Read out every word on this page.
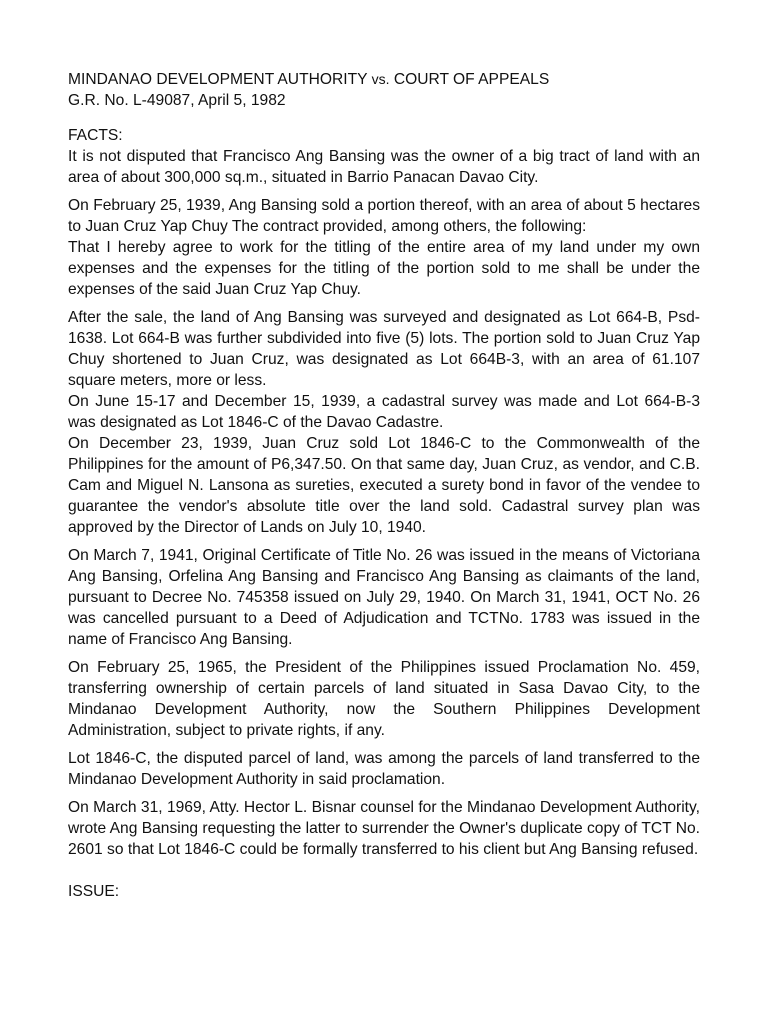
MINDANAO DEVELOPMENT AUTHORITY vs. COURT OF APPEALS
G.R. No. L-49087, April 5, 1982
FACTS:

It is not disputed that Francisco Ang Bansing was the owner of a big tract of land with an area of about 300,000 sq.m., situated in Barrio Panacan Davao City.

On February 25, 1939, Ang Bansing sold a portion thereof, with an area of about 5 hectares to Juan Cruz Yap Chuy The contract provided, among others, the following:

That I hereby agree to work for the titling of the entire area of my land under my own expenses and the expenses for the titling of the portion sold to me shall be under the expenses of the said Juan Cruz Yap Chuy.

After the sale, the land of Ang Bansing was surveyed and designated as Lot 664-B, Psd-1638. Lot 664-B was further subdivided into five (5) lots. The portion sold to Juan Cruz Yap Chuy shortened to Juan Cruz, was designated as Lot 664B-3, with an area of 61.107 square meters, more or less.

On June 15-17 and December 15, 1939, a cadastral survey was made and Lot 664-B-3 was designated as Lot 1846-C of the Davao Cadastre.

On December 23, 1939, Juan Cruz sold Lot 1846-C to the Commonwealth of the Philippines for the amount of P6,347.50. On that same day, Juan Cruz, as vendor, and C.B. Cam and Miguel N. Lansona as sureties, executed a surety bond in favor of the vendee to guarantee the vendor's absolute title over the land sold. Cadastral survey plan was approved by the Director of Lands on July 10, 1940.

On March 7, 1941, Original Certificate of Title No. 26 was issued in the means of Victoriana Ang Bansing, Orfelina Ang Bansing and Francisco Ang Bansing as claimants of the land, pursuant to Decree No. 745358 issued on July 29, 1940. On March 31, 1941, OCT No. 26 was cancelled pursuant to a Deed of Adjudication and TCTNo. 1783 was issued in the name of Francisco Ang Bansing.

On February 25, 1965, the President of the Philippines issued Proclamation No. 459, transferring ownership of certain parcels of land situated in Sasa Davao City, to the Mindanao Development Authority, now the Southern Philippines Development Administration, subject to private rights, if any.

Lot 1846-C, the disputed parcel of land, was among the parcels of land transferred to the Mindanao Development Authority in said proclamation.

On March 31, 1969, Atty. Hector L. Bisnar counsel for the Mindanao Development Authority, wrote Ang Bansing requesting the latter to surrender the Owner's duplicate copy of TCT No. 2601 so that Lot 1846-C could be formally transferred to his client but Ang Bansing refused.

ISSUE:
